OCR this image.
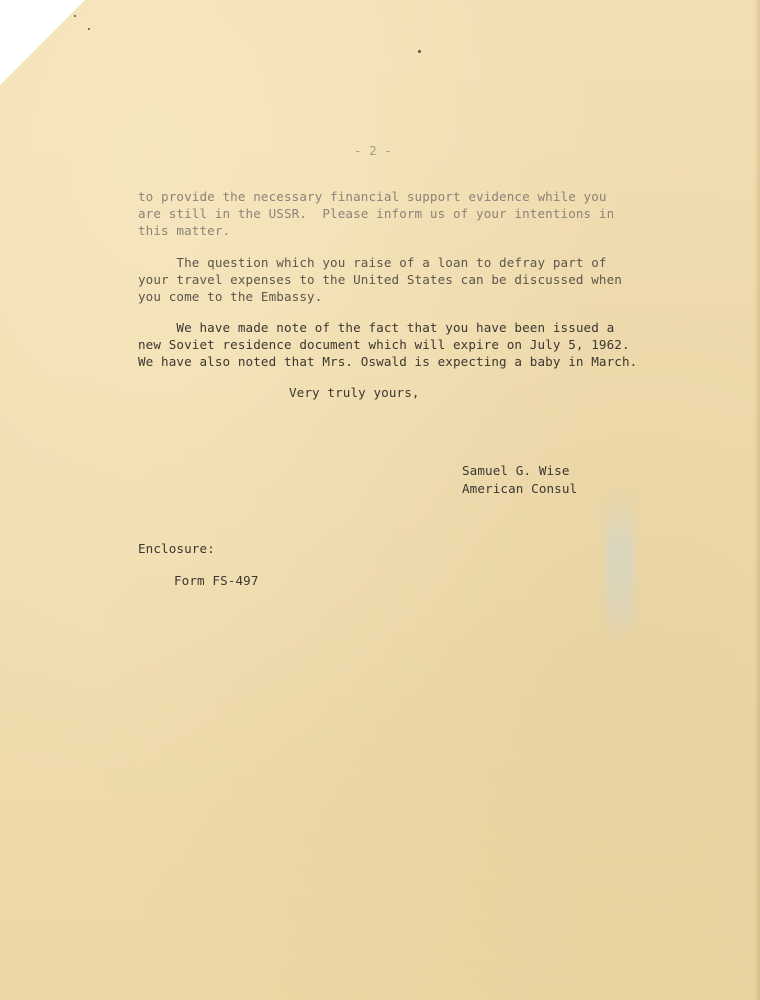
- 2 -
to provide the necessary financial support evidence while you
are still in the USSR.  Please inform us of your intentions in
this matter.
The question which you raise of a loan to defray part of
your travel expenses to the United States can be discussed when
you come to the Embassy.
We have made note of the fact that you have been issued a
new Soviet residence document which will expire on July 5, 1962.
We have also noted that Mrs. Oswald is expecting a baby in March.
Very truly yours,
Samuel G. Wise
American Consul
Enclosure:
Form FS-497
